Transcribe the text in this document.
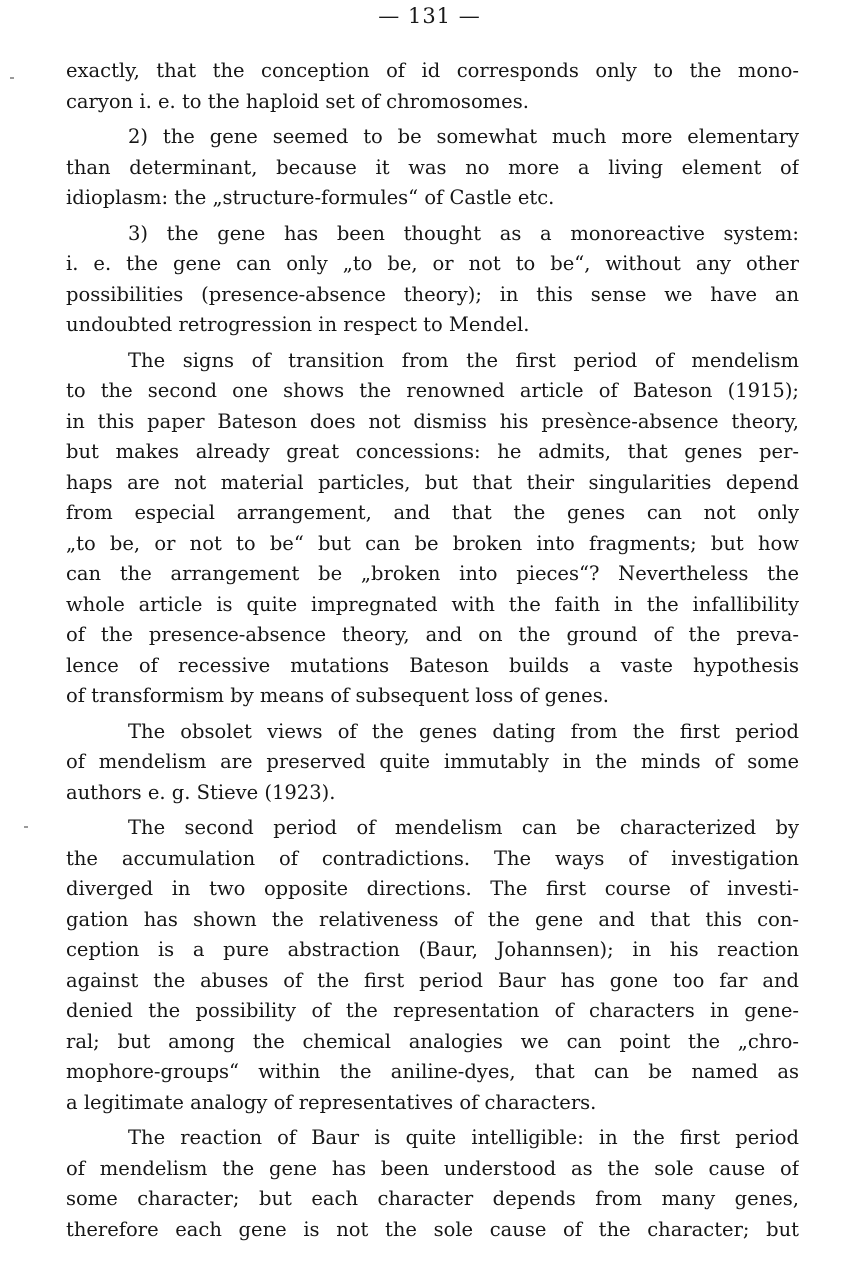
— 131 —
exactly, that the conception of id corresponds only to the mono-
caryon i. e. to the haploid set of chromosomes.
2) the gene seemed to be somewhat much more elementary
than determinant, because it was no more a living element of
idioplasm: the „structure-formules“ of Castle etc.
3) the gene has been thought as a monoreactive system:
i. e. the gene can only „to be, or not to be“, without any other
possibilities (presence-absence theory); in this sense we have an
undoubted retrogression in respect to Mendel.
The signs of transition from the first period of mendelism
to the second one shows the renowned article of Bateson (1915);
in this paper Bateson does not dismiss his presènce-absence theory,
but makes already great concessions: he admits, that genes per-
haps are not material particles, but that their singularities depend
from especial arrangement, and that the genes can not only
„to be, or not to be“ but can be broken into fragments; but how
can the arrangement be „broken into pieces“? Nevertheless the
whole article is quite impregnated with the faith in the infallibility
of the presence-absence theory, and on the ground of the preva-
lence of recessive mutations Bateson builds a vaste hypothesis
of transformism by means of subsequent loss of genes.
The obsolet views of the genes dating from the first period
of mendelism are preserved quite immutably in the minds of some
authors e. g. Stieve (1923).
The second period of mendelism can be characterized by
the accumulation of contradictions. The ways of investigation
diverged in two opposite directions. The first course of investi-
gation has shown the relativeness of the gene and that this con-
ception is a pure abstraction (Baur, Johannsen); in his reaction
against the abuses of the first period Baur has gone too far and
denied the possibility of the representation of characters in gene-
ral; but among the chemical analogies we can point the „chro-
mophore-groups“ within the aniline-dyes, that can be named as
a legitimate analogy of representatives of characters.
The reaction of Baur is quite intelligible: in the first period
of mendelism the gene has been understood as the sole cause of
some character; but each character depends from many genes,
therefore each gene is not the sole cause of the character; but
